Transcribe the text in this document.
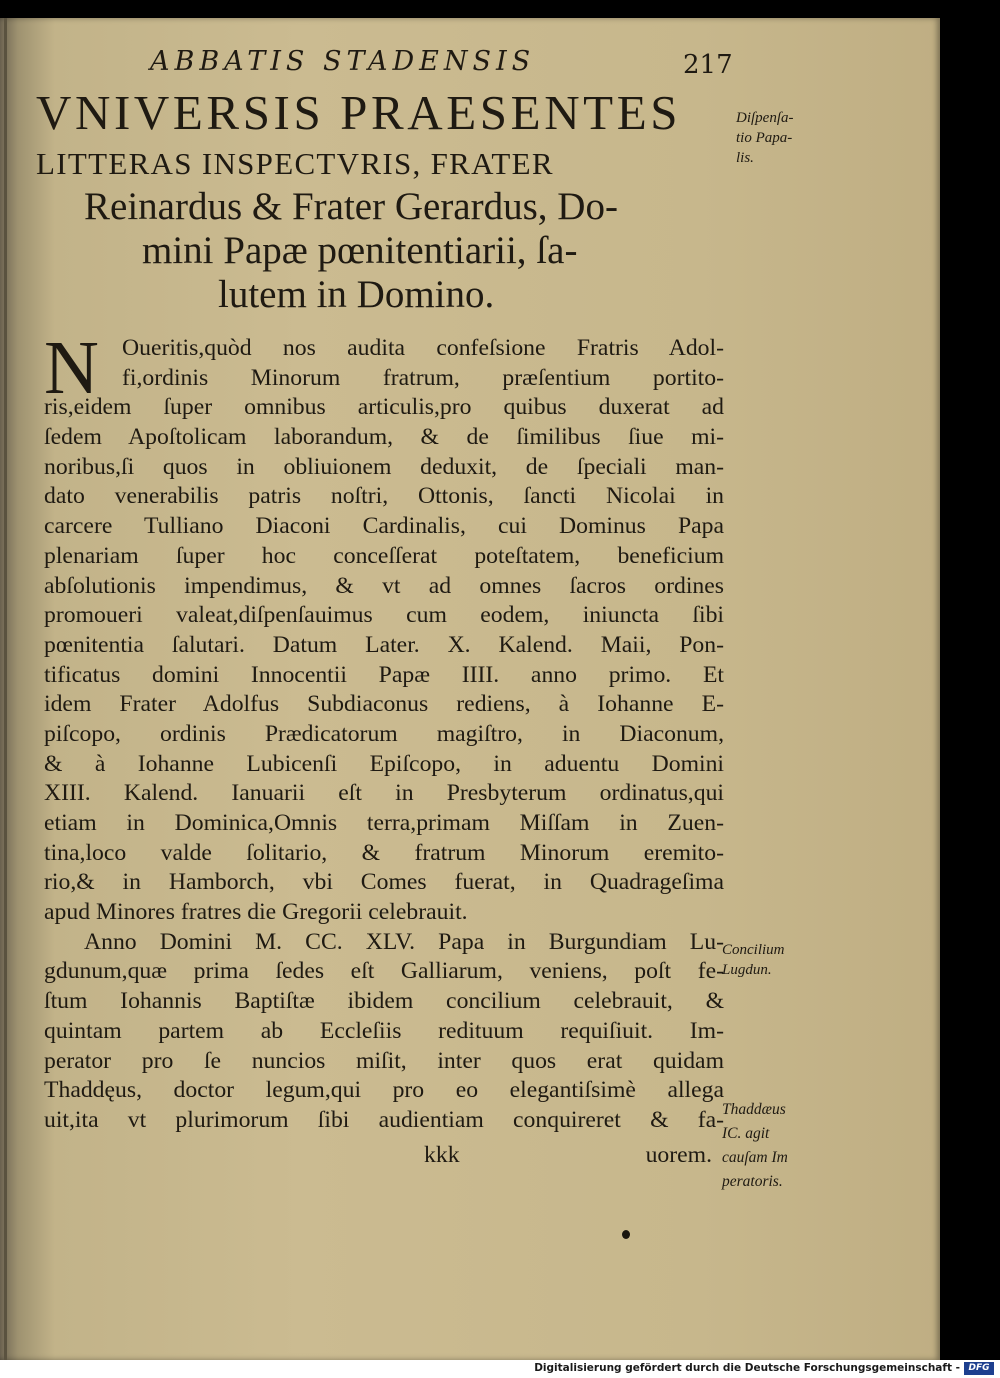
ABBATIS STADENSIS	217
VNIVERSIS PRAESENTES
LITTERAS INSPECTVRIS, FRATER
Reinardus & Frater Gerardus, Do-
mini Papæ pœnitentiarii, ſa-
lutem in Domino.
N Oueritis,quòd nos audita confeſsione Fratris Adol-
fi,ordinis Minorum fratrum, præſentium portito-
ris,eidem ſuper omnibus articulis,pro quibus duxerat ad
ſedem Apoſtolicam laborandum, & de ſimilibus ſiue mi-
noribus,ſi quos in obliuionem deduxit, de ſpeciali man-
dato venerabilis patris noſtri, Ottonis, ſancti Nicolai in
carcere Tulliano Diaconi Cardinalis, cui Dominus Papa
plenariam ſuper hoc conceſſerat poteſtatem, beneficium
abſolutionis impendimus, & vt ad omnes ſacros ordines
promoueri valeat,diſpenſauimus cum eodem, iniuncta ſibi
pœnitentia ſalutari. Datum Later. X. Kalend. Maii, Pon-
tificatus domini Innocentii Papæ IIII. anno primo. Et
idem Frater Adolfus Subdiaconus rediens, à Iohanne E-
piſcopo, ordinis Prædicatorum magiſtro, in Diaconum,
& à Iohanne Lubicenſi Epiſcopo, in aduentu Domini
XIII. Kalend. Ianuarii eſt in Presbyterum ordinatus,qui
etiam in Dominica,Omnis terra,primam Miſſam in Zuen-
tina,loco valde ſolitario, & fratrum Minorum eremito-
rio,& in Hamborch, vbi Comes fuerat, in Quadrageſima
apud Minores fratres die Gregorii celebrauit.
Anno Domini M. CC. XLV. Papa in Burgundiam Lu-
gdunum,quæ prima ſedes eſt Galliarum, veniens, poſt fe-
ſtum Iohannis Baptiſtæ ibidem concilium celebrauit, &
quintam partem ab Eccleſiis redituum requiſiuit. Im-
perator pro ſe nuncios miſit, inter quos erat quidam
Thaddęus, doctor legum,qui pro eo elegantiſsimè allega
uit,ita vt plurimorum ſibi audientiam conquireret & fa-
kkk	uorem.
Diſpenſa-
tio Papa-
lis.
Concilium
Lugdun.
Thaddæus
IC. agit
cauſam Im
peratoris.
Digitalisierung gefördert durch die Deutsche Forschungsgemeinschaft - DFG
